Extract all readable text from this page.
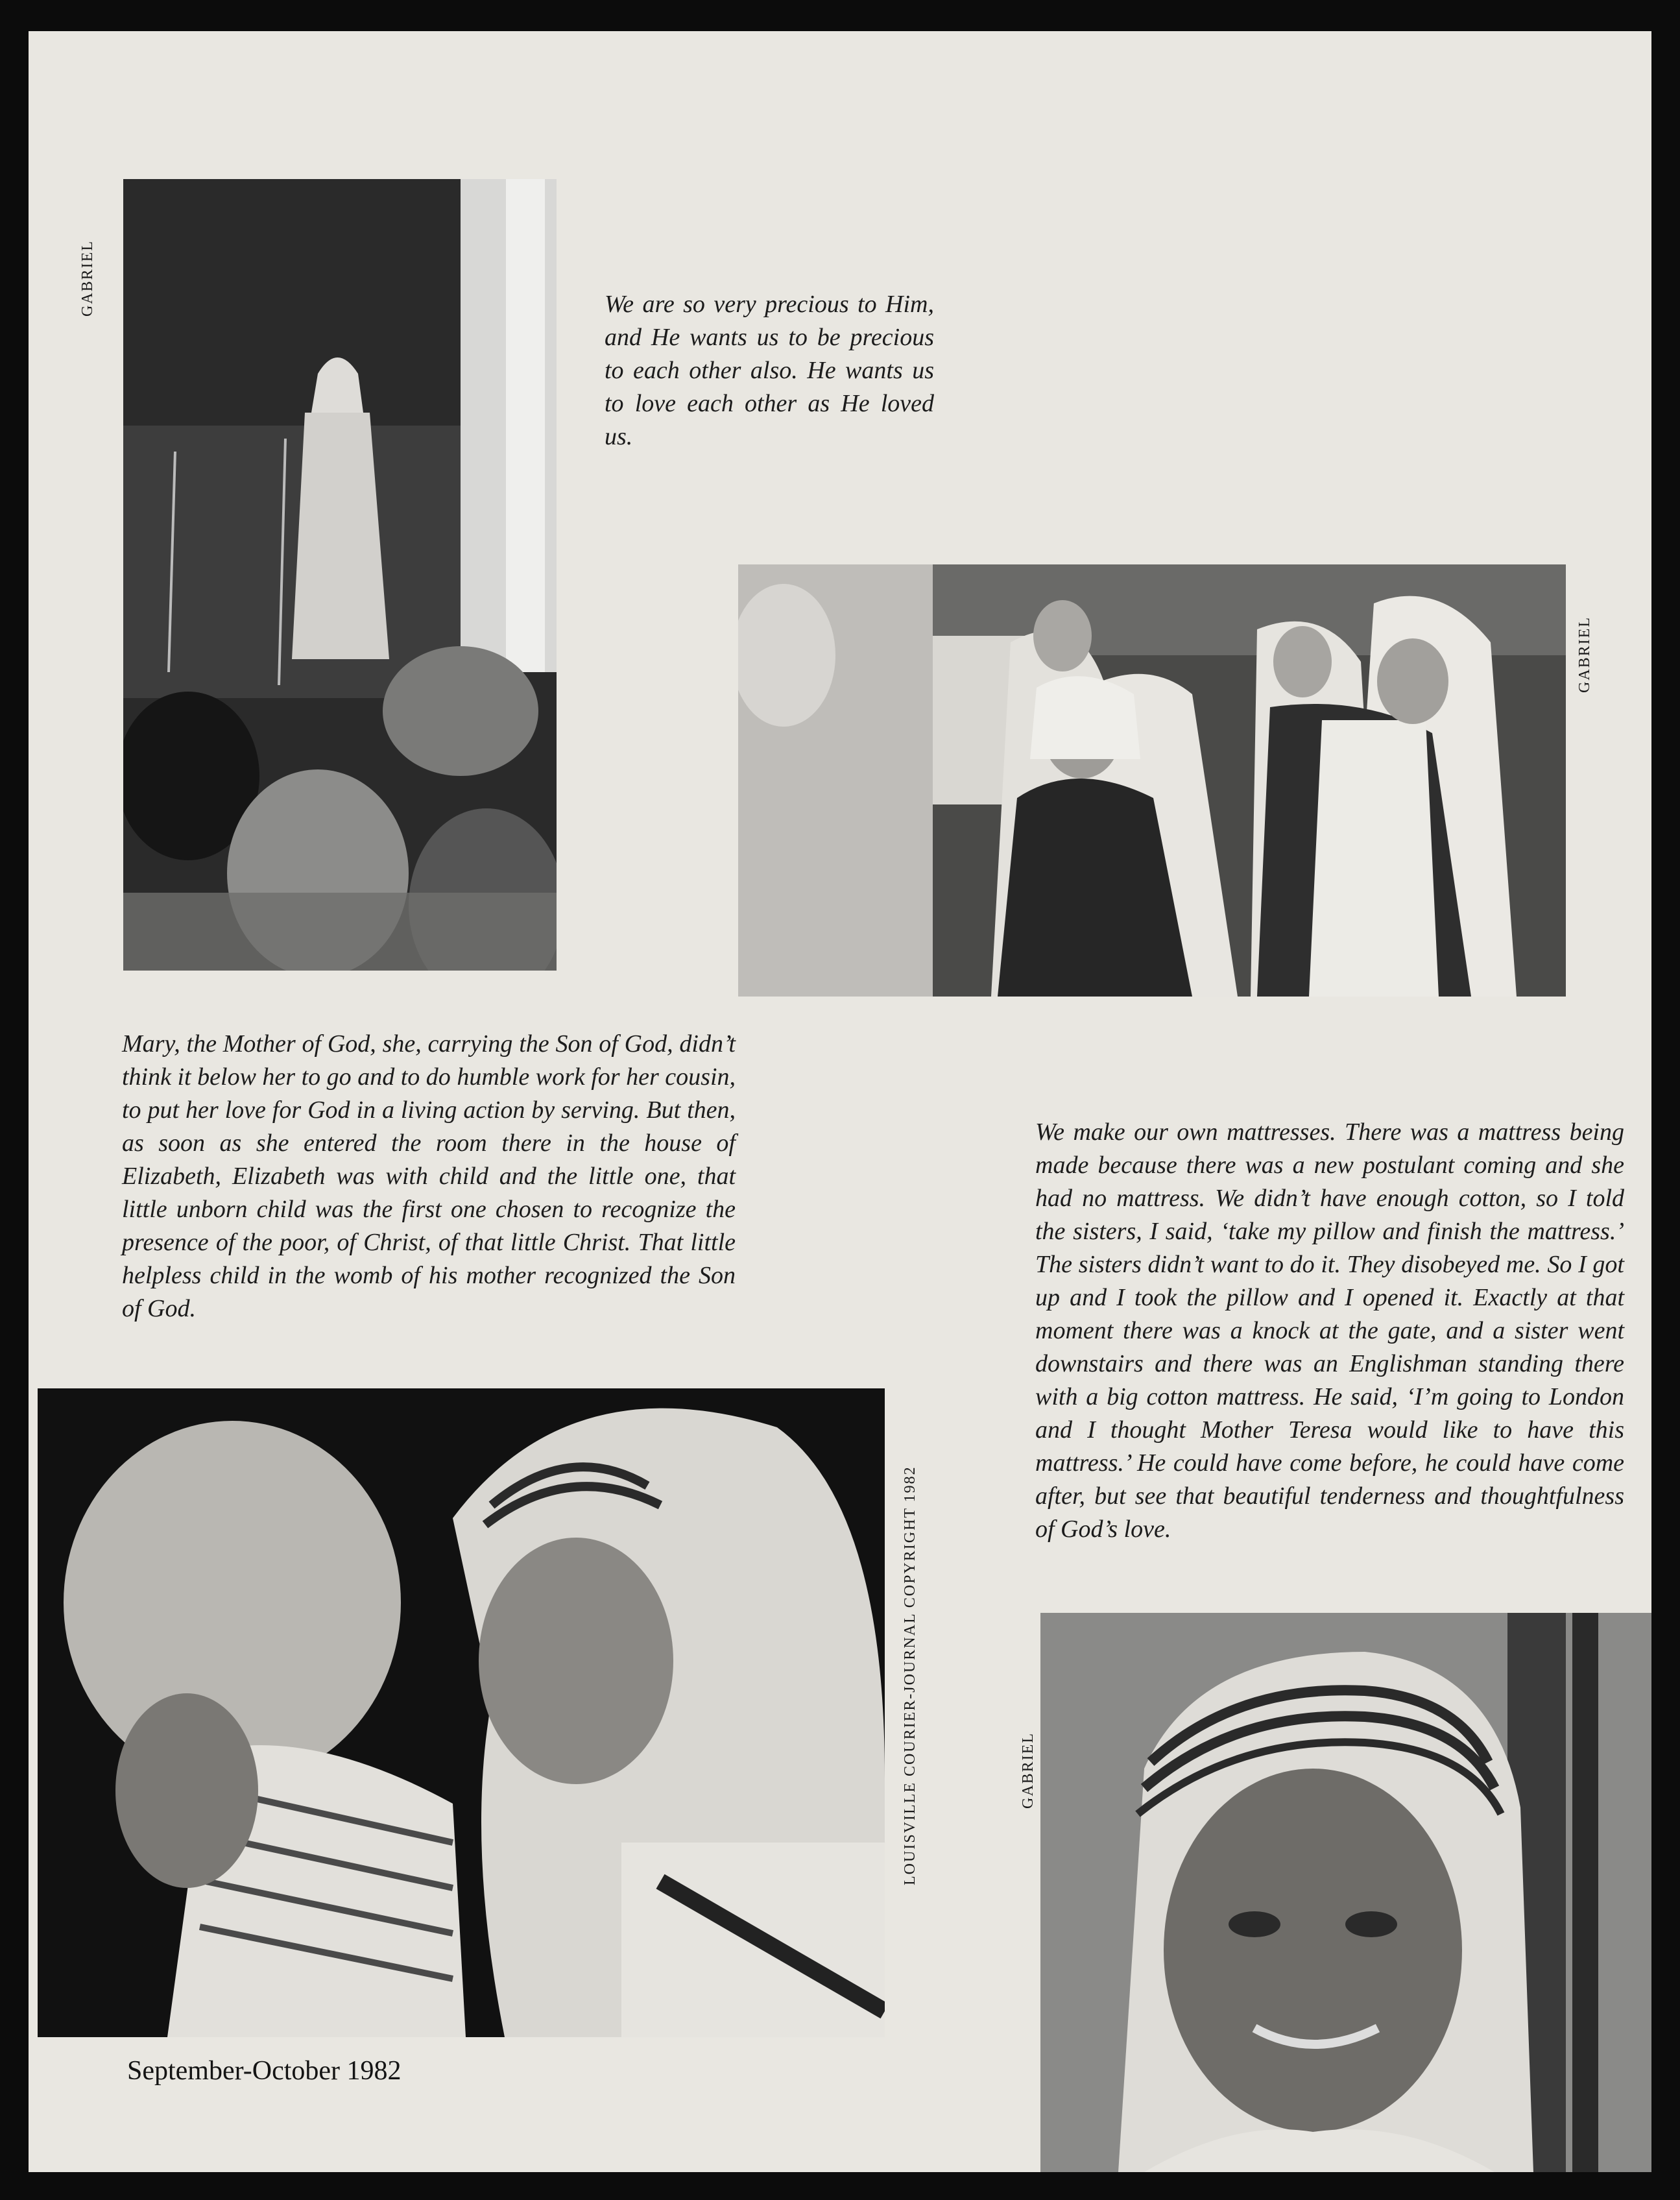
GABRIEL	We are so very precious to Him, and He wants us to be precious to each other also. He wants us to love each other as He loved us.

GABRIEL

Mary, the Mother of God, she, carrying the Son of God, didn’t think it below her to go and to do humble work for her cousin, to put her love for God in a living action by serving. But then, as soon as she entered the room there in the house of Elizabeth, Elizabeth was with child and the little one, that little unborn child was the first one chosen to recognize the presence of the poor, of Christ, of that little Christ. That little helpless child in the womb of his mother recognized the Son of God.

We make our own mattresses. There was a mattress being made because there was a new postulant coming and she had no mattress. We didn’t have enough cotton, so I told the sisters, I said, ‘take my pillow and finish the mattress.’ The sisters didn’t want to do it. They disobeyed me. So I got up and I took the pillow and I opened it. Exactly at that moment there was a knock at the gate, and a sister went downstairs and there was an Englishman standing there with a big cotton mattress. He said, ‘I’m going to London and I thought Mother Teresa would like to have this mattress.’ He could have come before, he could have come after, but see that beautiful tenderness and thoughtfulness of God’s love.

LOUISVILLE COURIER-JOURNAL COPYRIGHT 1982
September-October 1982
GABRIEL
